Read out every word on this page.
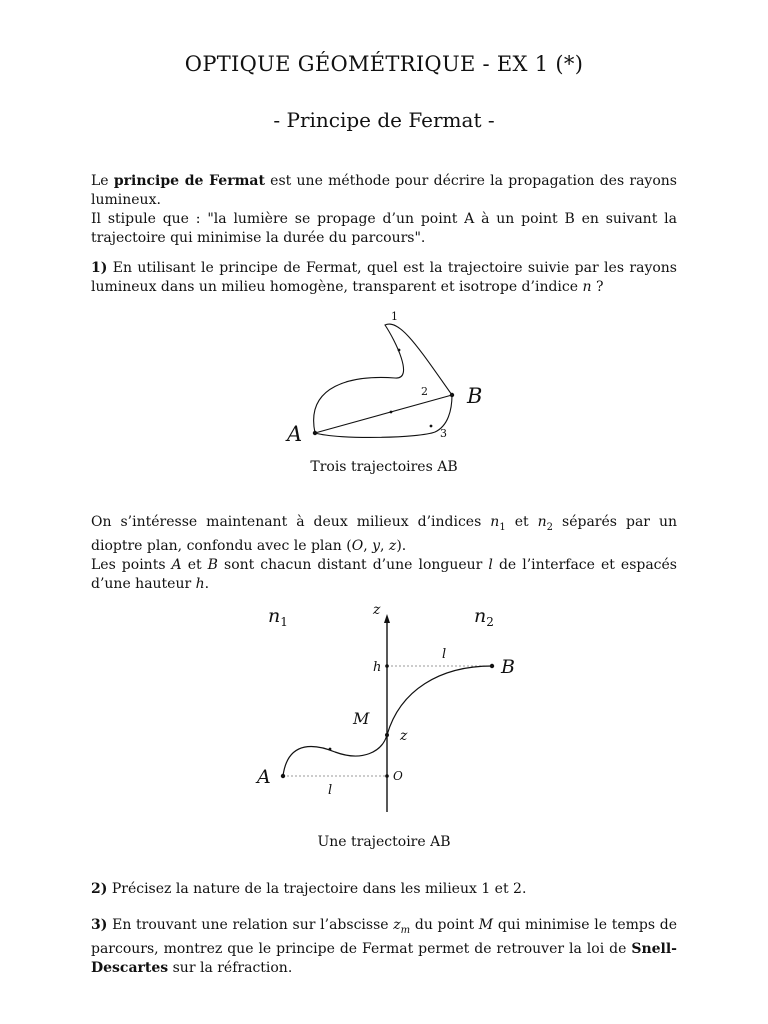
OPTIQUE GÉOMÉTRIQUE - EX 1 (*)
- Principe de Fermat -
Le principe de Fermat est une méthode pour décrire la propagation des rayons lumineux.
Il stipule que : "la lumière se propage d’un point A à un point B en suivant la trajectoire qui minimise la durée du parcours".
1) En utilisant le principe de Fermat, quel est la trajectoire suivie par les rayons lumineux dans un milieu homogène, transparent et isotrope d’indice n ?
A
B
1
2
3
Trois trajectoires AB
On s’intéresse maintenant à deux milieux d’indices $n_1$ et $n_2$ séparés par un dioptre plan, confondu avec le plan (O, y, z).
Les points A et B sont chacun distant d’une longueur l de l’interface et espacés d’une hauteur h.
$n_1$	$n_2$
z
h
l
B
M
z
A	O
l
Une trajectoire AB
2) Précisez la nature de la trajectoire dans les milieux 1 et 2.
3) En trouvant une relation sur l’abscisse $z_m$ du point M qui minimise le temps de parcours, montrez que le principe de Fermat permet de retrouver la loi de Snell-Descartes sur la réfraction.
